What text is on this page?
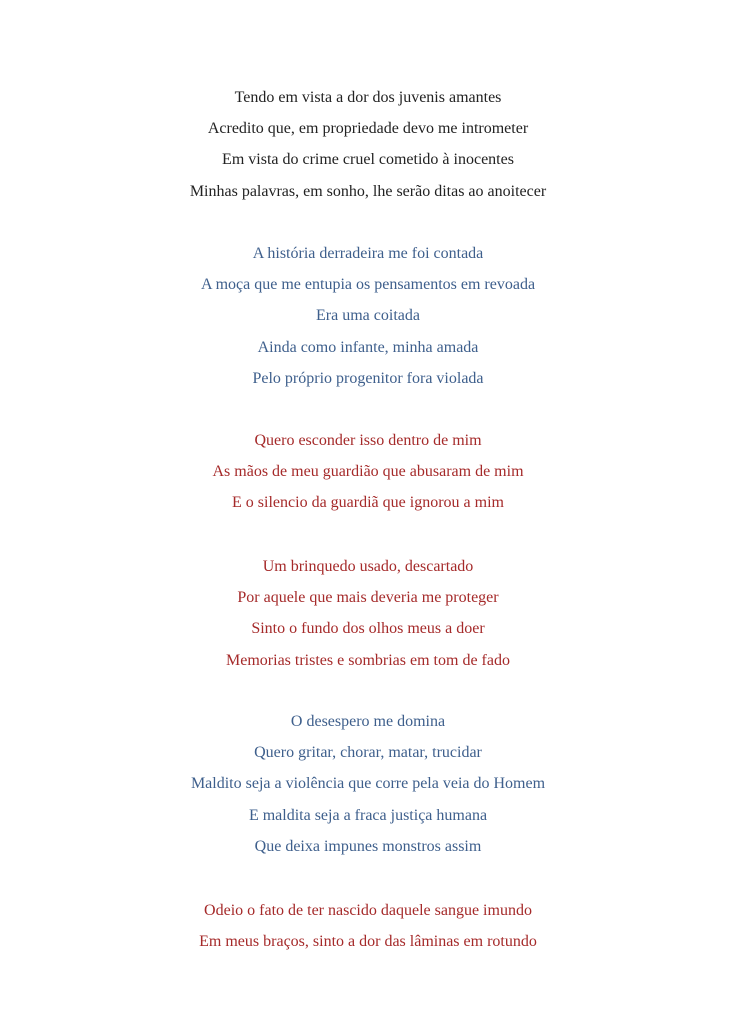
Tendo em vista a dor dos juvenis amantes
Acredito que, em propriedade devo me intrometer
Em vista do crime cruel cometido à inocentes
Minhas palavras, em sonho, lhe serão ditas ao anoitecer
A história derradeira me foi contada
A moça que me entupia os pensamentos em revoada
Era uma coitada
Ainda como infante, minha amada
Pelo próprio progenitor fora violada
Quero esconder isso dentro de mim
As mãos de meu guardião que abusaram de mim
E o silencio da guardiã que ignorou a mim
Um brinquedo usado, descartado
Por aquele que mais deveria me proteger
Sinto o fundo dos olhos meus a doer
Memorias tristes e sombrias em tom de fado
O desespero me domina
Quero gritar, chorar, matar, trucidar
Maldito seja a violência que corre pela veia do Homem
E maldita seja a fraca justiça humana
Que deixa impunes monstros assim
Odeio o fato de ter nascido daquele sangue imundo
Em meus braços, sinto a dor das lâminas em rotundo
